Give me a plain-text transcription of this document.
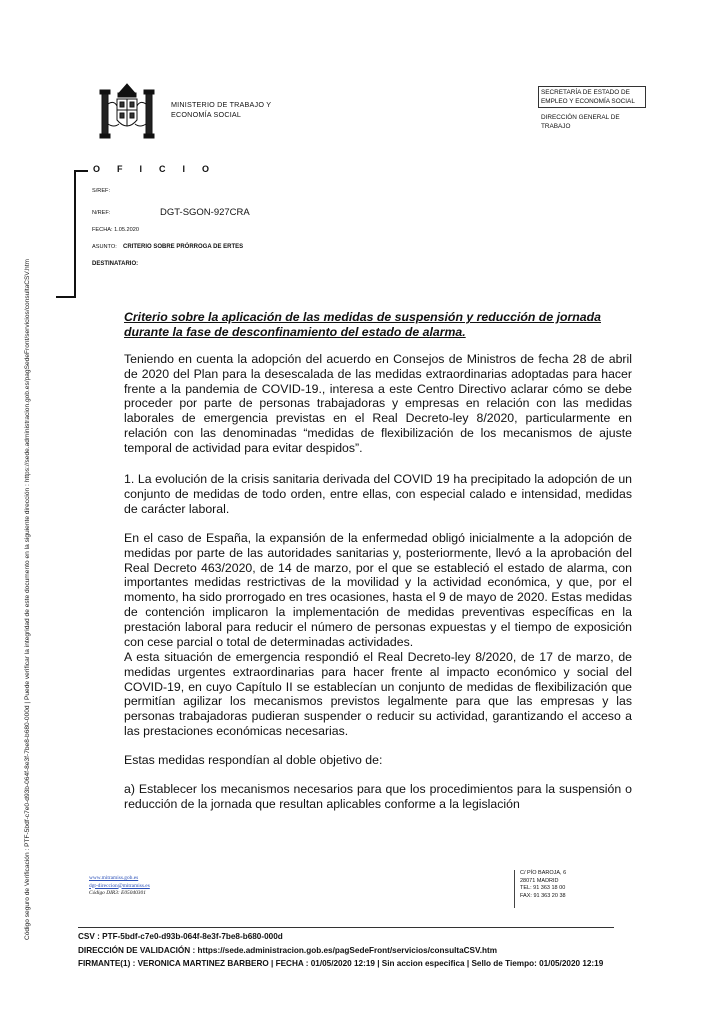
Código seguro de Verificación : PTF-5bdf-c7e0-d93b-064f-8e3f-7be8-b680-000d | Puede verificar la integridad de este documento en la siguiente dirección : https://sede.administracion.gob.es/pagSedeFront/servicios/consultaCSV.htm
MINISTERIO DE TRABAJO Y
ECONOMÍA SOCIAL
SECRETARÍA DE ESTADO DE
EMPLEO Y ECONOMÍA SOCIAL
DIRECCIÓN GENERAL DE
TRABAJO
OFICIO
S/REF:
N/REF:	DGT-SGON-927CRA
FECHA: 1.05.2020
ASUNTO: CRITERIO SOBRE PRÓRROGA DE ERTES
DESTINATARIO:
Criterio sobre la aplicación de las medidas de suspensión y reducción de jornada durante la fase de desconfinamiento del estado de alarma.

Teniendo en cuenta la adopción del acuerdo en Consejos de Ministros de fecha 28 de abril de 2020 del Plan para la desescalada de las medidas extraordinarias adoptadas para hacer frente a la pandemia de COVID-19., interesa a este Centro Directivo aclarar cómo se debe proceder por parte de personas trabajadoras y empresas en relación con las medidas laborales de emergencia previstas en el Real Decreto-ley 8/2020, particularmente en relación con las denominadas “medidas de flexibilización de los mecanismos de ajuste temporal de actividad para evitar despidos”.

1. La evolución de la crisis sanitaria derivada del COVID 19 ha precipitado la adopción de un conjunto de medidas de todo orden, entre ellas, con especial calado e intensidad, medidas de carácter laboral.

En el caso de España, la expansión de la enfermedad obligó inicialmente a la adopción de medidas por parte de las autoridades sanitarias y, posteriormente, llevó a la aprobación del Real Decreto 463/2020, de 14 de marzo, por el que se estableció el estado de alarma, con importantes medidas restrictivas de la movilidad y la actividad económica, y que, por el momento, ha sido prorrogado en tres ocasiones, hasta el 9 de mayo de 2020. Estas medidas de contención implicaron la implementación de medidas preventivas específicas en la prestación laboral para reducir el número de personas expuestas y el tiempo de exposición con cese parcial o total de determinadas actividades.

A esta situación de emergencia respondió el Real Decreto-ley 8/2020, de 17 de marzo, de medidas urgentes extraordinarias para hacer frente al impacto económico y social del COVID-19, en cuyo Capítulo II se establecían un conjunto de medidas de flexibilización que permitían agilizar los mecanismos previstos legalmente para que las empresas y las personas trabajadoras pudieran suspender o reducir su actividad, garantizando el acceso a las prestaciones económicas necesarias.

Estas medidas respondían al doble objetivo de:

a) Establecer los mecanismos necesarios para que los procedimientos para la suspensión o reducción de la jornada que resultan aplicables conforme a la legislación

www.mitramiss.gob.es
dgt-direccion@mitramiss.es
Código DIR3: E05040301
C/ PÍO BAROJA, 6
28071 MADRID
TEL: 91 363 18 00
FAX: 91 363 20 38
CSV : PTF-5bdf-c7e0-d93b-064f-8e3f-7be8-b680-000d
DIRECCIÓN DE VALIDACIÓN : https://sede.administracion.gob.es/pagSedeFront/servicios/consultaCSV.htm
FIRMANTE(1) : VERONICA MARTINEZ BARBERO | FECHA : 01/05/2020 12:19 | Sin accion especifica | Sello de Tiempo: 01/05/2020 12:19
